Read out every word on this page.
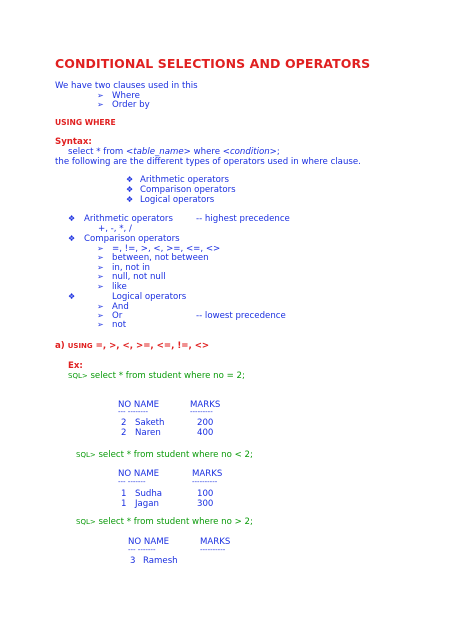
CONDITIONAL SELECTIONS AND OPERATORS
We have two clauses used in this
➢ Where
➢ Order by
USING WHERE
Syntax:
select * from <table_name> where <condition>;
the following are the different types of operators used in where clause.
❖ Arithmetic operators
❖ Comparison operators
❖ Logical operators
❖ Arithmetic operators	-- highest precedence
+, -, *, /
❖ Comparison operators
➢ =, !=, >, <, >=, <=, <>
➢ between, not between
➢ in, not in
➢ null, not null
➢ like
❖	Logical operators
➢ And
➢ Or	-- lowest precedence
➢ not
a) USING =, >, <, >=, <=, !=, <>
Ex:
SQL> select * from student where no = 2;
NO NAME	MARKS
--- --------	---------
2 Saketh	200
2 Naren	400
SQL> select * from student where no < 2;
NO NAME	MARKS
--- -------	----------
1 Sudha	100
1 Jagan	300
SQL> select * from student where no > 2;
NO NAME	MARKS
--- -------	----------
3 Ramesh
